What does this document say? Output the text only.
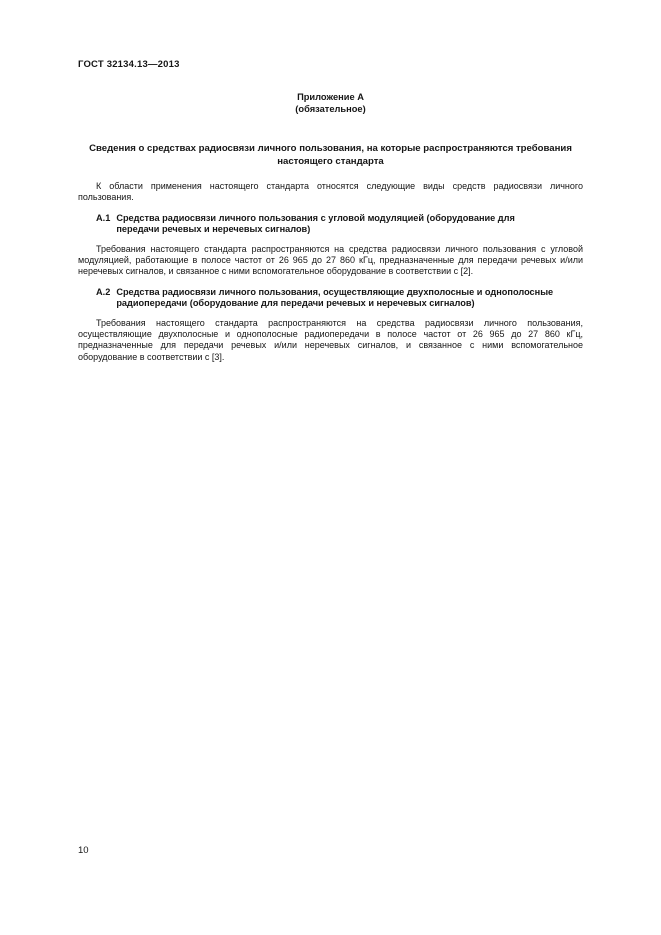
ГОСТ 32134.13—2013
Приложение А
(обязательное)
Сведения о средствах радиосвязи личного пользования, на которые распространяются требования настоящего стандарта

К области применения настоящего стандарта относятся следующие виды средств радиосвязи личного пользования.

А.1 Средства радиосвязи личного пользования с угловой модуляцией (оборудование для передачи речевых и неречевых сигналов)

Требования настоящего стандарта распространяются на средства радиосвязи личного пользования с угловой модуляцией, работающие в полосе частот от 26 965 до 27 860 кГц, предназначенные для передачи речевых и/или неречевых сигналов, и связанное с ними вспомогательное оборудование в соответствии с [2].

А.2 Средства радиосвязи личного пользования, осуществляющие двухполосные и однополосные радиопередачи (оборудование для передачи речевых и неречевых сигналов)

Требования настоящего стандарта распространяются на средства радиосвязи личного пользования, осуществляющие двухполосные и однополосные радиопередачи в полосе частот от 26 965 до 27 860 кГц, предназначенные для передачи речевых и/или неречевых сигналов, и связанное с ними вспомогательное оборудование в соответствии с [3].

10
